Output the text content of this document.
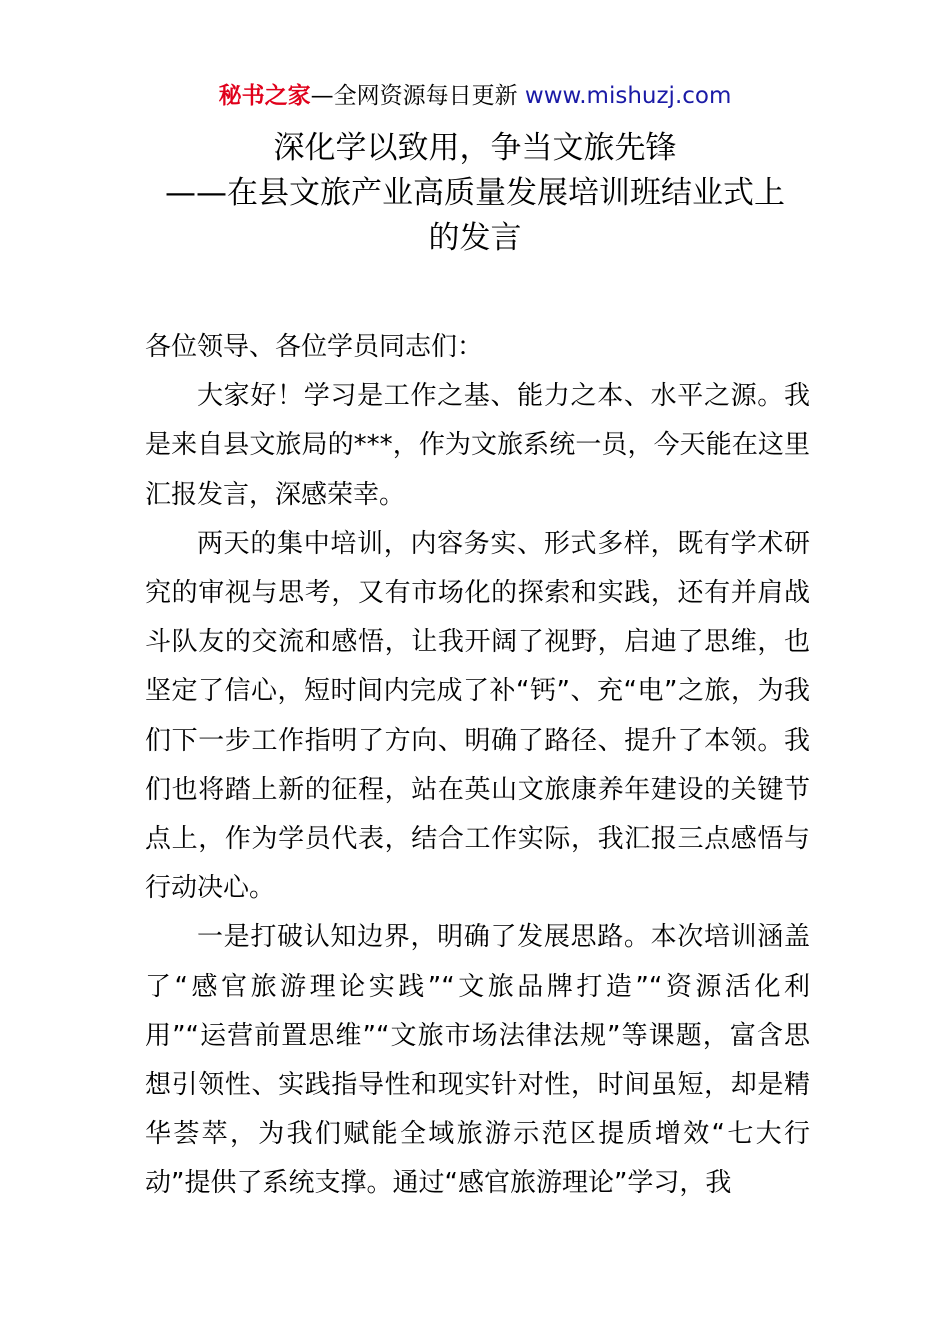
秘书之家—全网资源每日更新 www.mishuzj.com
深化学以致用，争当文旅先锋
——在县文旅产业高质量发展培训班结业式上
的发言

各位领导、各位学员同志们：

大家好！学习是工作之基、能力之本、水平之源。我是来自县文旅局的***，作为文旅系统一员，今天能在这里汇报发言，深感荣幸。

两天的集中培训，内容务实、形式多样，既有学术研究的审视与思考，又有市场化的探索和实践，还有并肩战斗队友的交流和感悟，让我开阔了视野，启迪了思维，也坚定了信心，短时间内完成了补“钙”、充“电”之旅，为我们下一步工作指明了方向、明确了路径、提升了本领。我们也将踏上新的征程，站在英山文旅康养年建设的关键节点上，作为学员代表，结合工作实际，我汇报三点感悟与行动决心。

一是打破认知边界，明确了发展思路。本次培训涵盖了“感官旅游理论实践”“文旅品牌打造”“资源活化利用”“运营前置思维”“文旅市场法律法规”等课题，富含思想引领性、实践指导性和现实针对性，时间虽短，却是精华荟萃，为我们赋能全域旅游示范区提质增效“七大行动”提供了系统支撑。通过“感官旅游理论”学习，我
